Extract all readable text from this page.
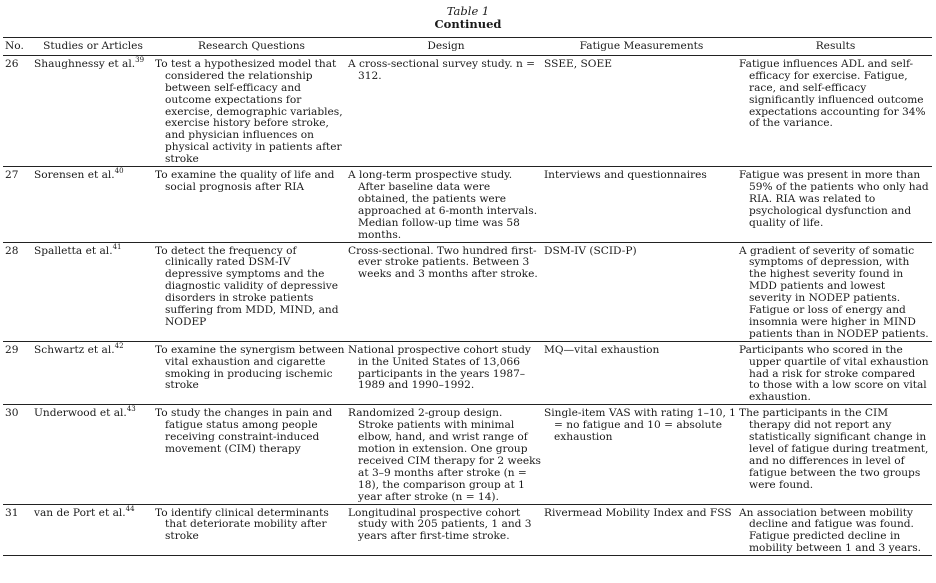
Table 1
Continued
No.	Studies or Articles	Research Questions	Design	Fatigue Measurements	Results
26	Shaughnessy et al.$^{39}$	To test a hypothesized model that considered the relationship between self-efficacy and outcome expectations for exercise, demographic variables, exercise history before stroke, and physician influences on physical activity in patients after stroke	A cross-sectional survey study. n = 312.	SSEE, SOEE	Fatigue influences ADL and self-efficacy for exercise. Fatigue, race, and self-efficacy significantly influenced outcome expectations accounting for 34% of the variance.
27	Sorensen et al.$^{40}$	To examine the quality of life and social prognosis after RIA	A long-term prospective study. After baseline data were obtained, the patients were approached at 6-month intervals. Median follow-up time was 58 months.	Interviews and questionnaires	Fatigue was present in more than 59% of the patients who only had RIA. RIA was related to psychological dysfunction and quality of life.
28	Spalletta et al.$^{41}$	To detect the frequency of clinically rated DSM-IV depressive symptoms and the diagnostic validity of depressive disorders in stroke patients suffering from MDD, MIND, and NODEP	Cross-sectional. Two hundred first-ever stroke patients. Between 3 weeks and 3 months after stroke.	DSM-IV (SCID-P)	A gradient of severity of somatic symptoms of depression, with the highest severity found in MDD patients and lowest severity in NODEP patients. Fatigue or loss of energy and insomnia were higher in MIND patients than in NODEP patients.
29	Schwartz et al.$^{42}$	To examine the synergism between vital exhaustion and cigarette smoking in producing ischemic stroke	National prospective cohort study in the United States of 13,066 participants in the years 1987–1989 and 1990–1992.	MQ—vital exhaustion	Participants who scored in the upper quartile of vital exhaustion had a risk for stroke compared to those with a low score on vital exhaustion.
30	Underwood et al.$^{43}$	To study the changes in pain and fatigue status among people receiving constraint-induced movement (CIM) therapy	Randomized 2-group design. Stroke patients with minimal elbow, hand, and wrist range of motion in extension. One group received CIM therapy for 2 weeks at 3–9 months after stroke (n = 18), the comparison group at 1 year after stroke (n = 14).	Single-item VAS with rating 1–10, 1 = no fatigue and 10 = absolute exhaustion	The participants in the CIM therapy did not report any statistically significant change in level of fatigue during treatment, and no differences in level of fatigue between the two groups were found.
31	van de Port et al.$^{44}$	To identify clinical determinants that deteriorate mobility after stroke	Longitudinal prospective cohort study with 205 patients, 1 and 3 years after first-time stroke.	Rivermead Mobility Index and FSS	An association between mobility decline and fatigue was found. Fatigue predicted decline in mobility between 1 and 3 years.
